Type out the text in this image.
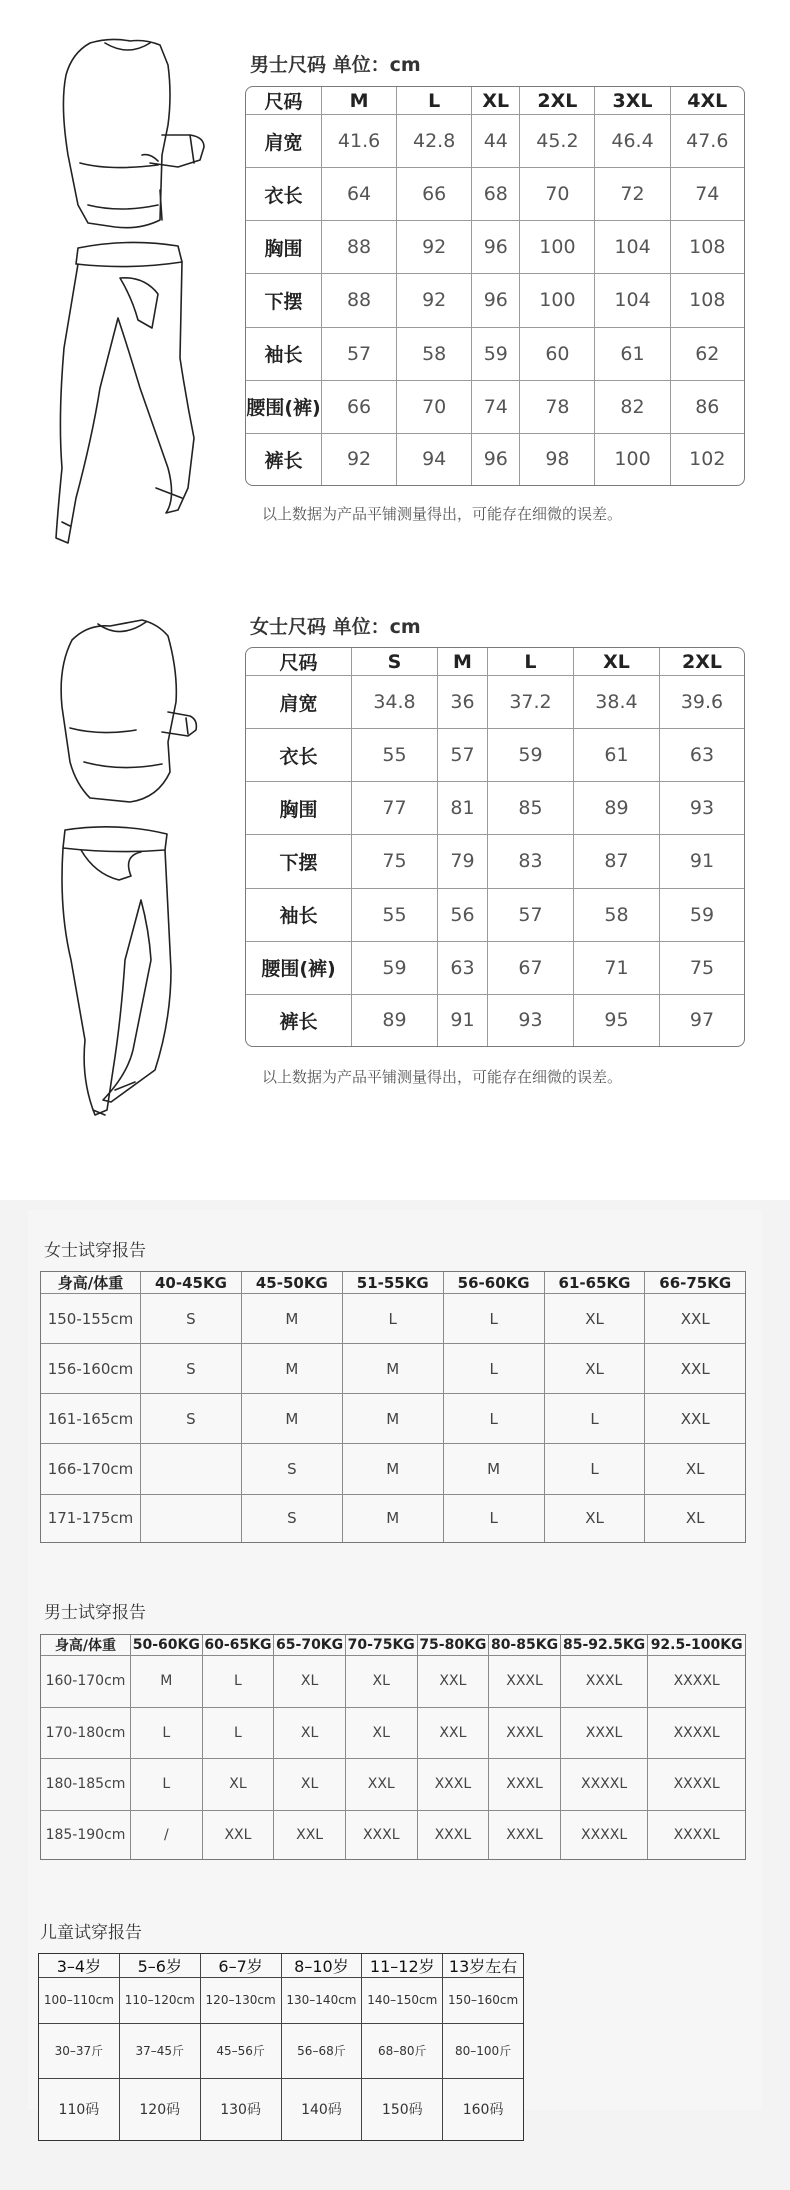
男士尺码 单位：cm
尺码	M	L	XL	2XL	3XL	4XL
肩宽	41.6	42.8	44	45.2	46.4	47.6
衣长	64	66	68	70	72	74
胸围	88	92	96	100	104	108
下摆	88	92	96	100	104	108
袖长	57	58	59	60	61	62
腰围(裤)	66	70	74	78	82	86
裤长	92	94	96	98	100	102
以上数据为产品平铺测量得出，可能存在细微的误差。
女士尺码 单位：cm
尺码	S	M	L	XL	2XL
肩宽	34.8	36	37.2	38.4	39.6
衣长	55	57	59	61	63
胸围	77	81	85	89	93
下摆	75	79	83	87	91
袖长	55	56	57	58	59
腰围(裤)	59	63	67	71	75
裤长	89	91	93	95	97
以上数据为产品平铺测量得出，可能存在细微的误差。
女士试穿报告
身高/体重	40-45KG	45-50KG	51-55KG	56-60KG	61-65KG	66-75KG
150-155cm	S	M	L	L	XL	XXL
156-160cm	S	M	M	L	XL	XXL
161-165cm	S	M	M	L	L	XXL
166-170cm		S	M	M	L	XL
171-175cm		S	M	L	XL	XL
男士试穿报告
身高/体重	50-60KG	60-65KG	65-70KG	70-75KG	75-80KG	80-85KG	85-92.5KG	92.5-100KG
160-170cm	M	L	XL	XL	XXL	XXXL	XXXL	XXXXL
170-180cm	L	L	XL	XL	XXL	XXXL	XXXL	XXXXL
180-185cm	L	XL	XL	XXL	XXXL	XXXL	XXXXL	XXXXL
185-190cm	/	XXL	XXL	XXXL	XXXL	XXXL	XXXXL	XXXXL
儿童试穿报告
3–4岁	5–6岁	6–7岁	8–10岁	11–12岁	13岁左右
100–110cm	110–120cm	120–130cm	130–140cm	140–150cm	150–160cm
30–37斤	37–45斤	45–56斤	56–68斤	68–80斤	80–100斤
110码	120码	130码	140码	150码	160码
